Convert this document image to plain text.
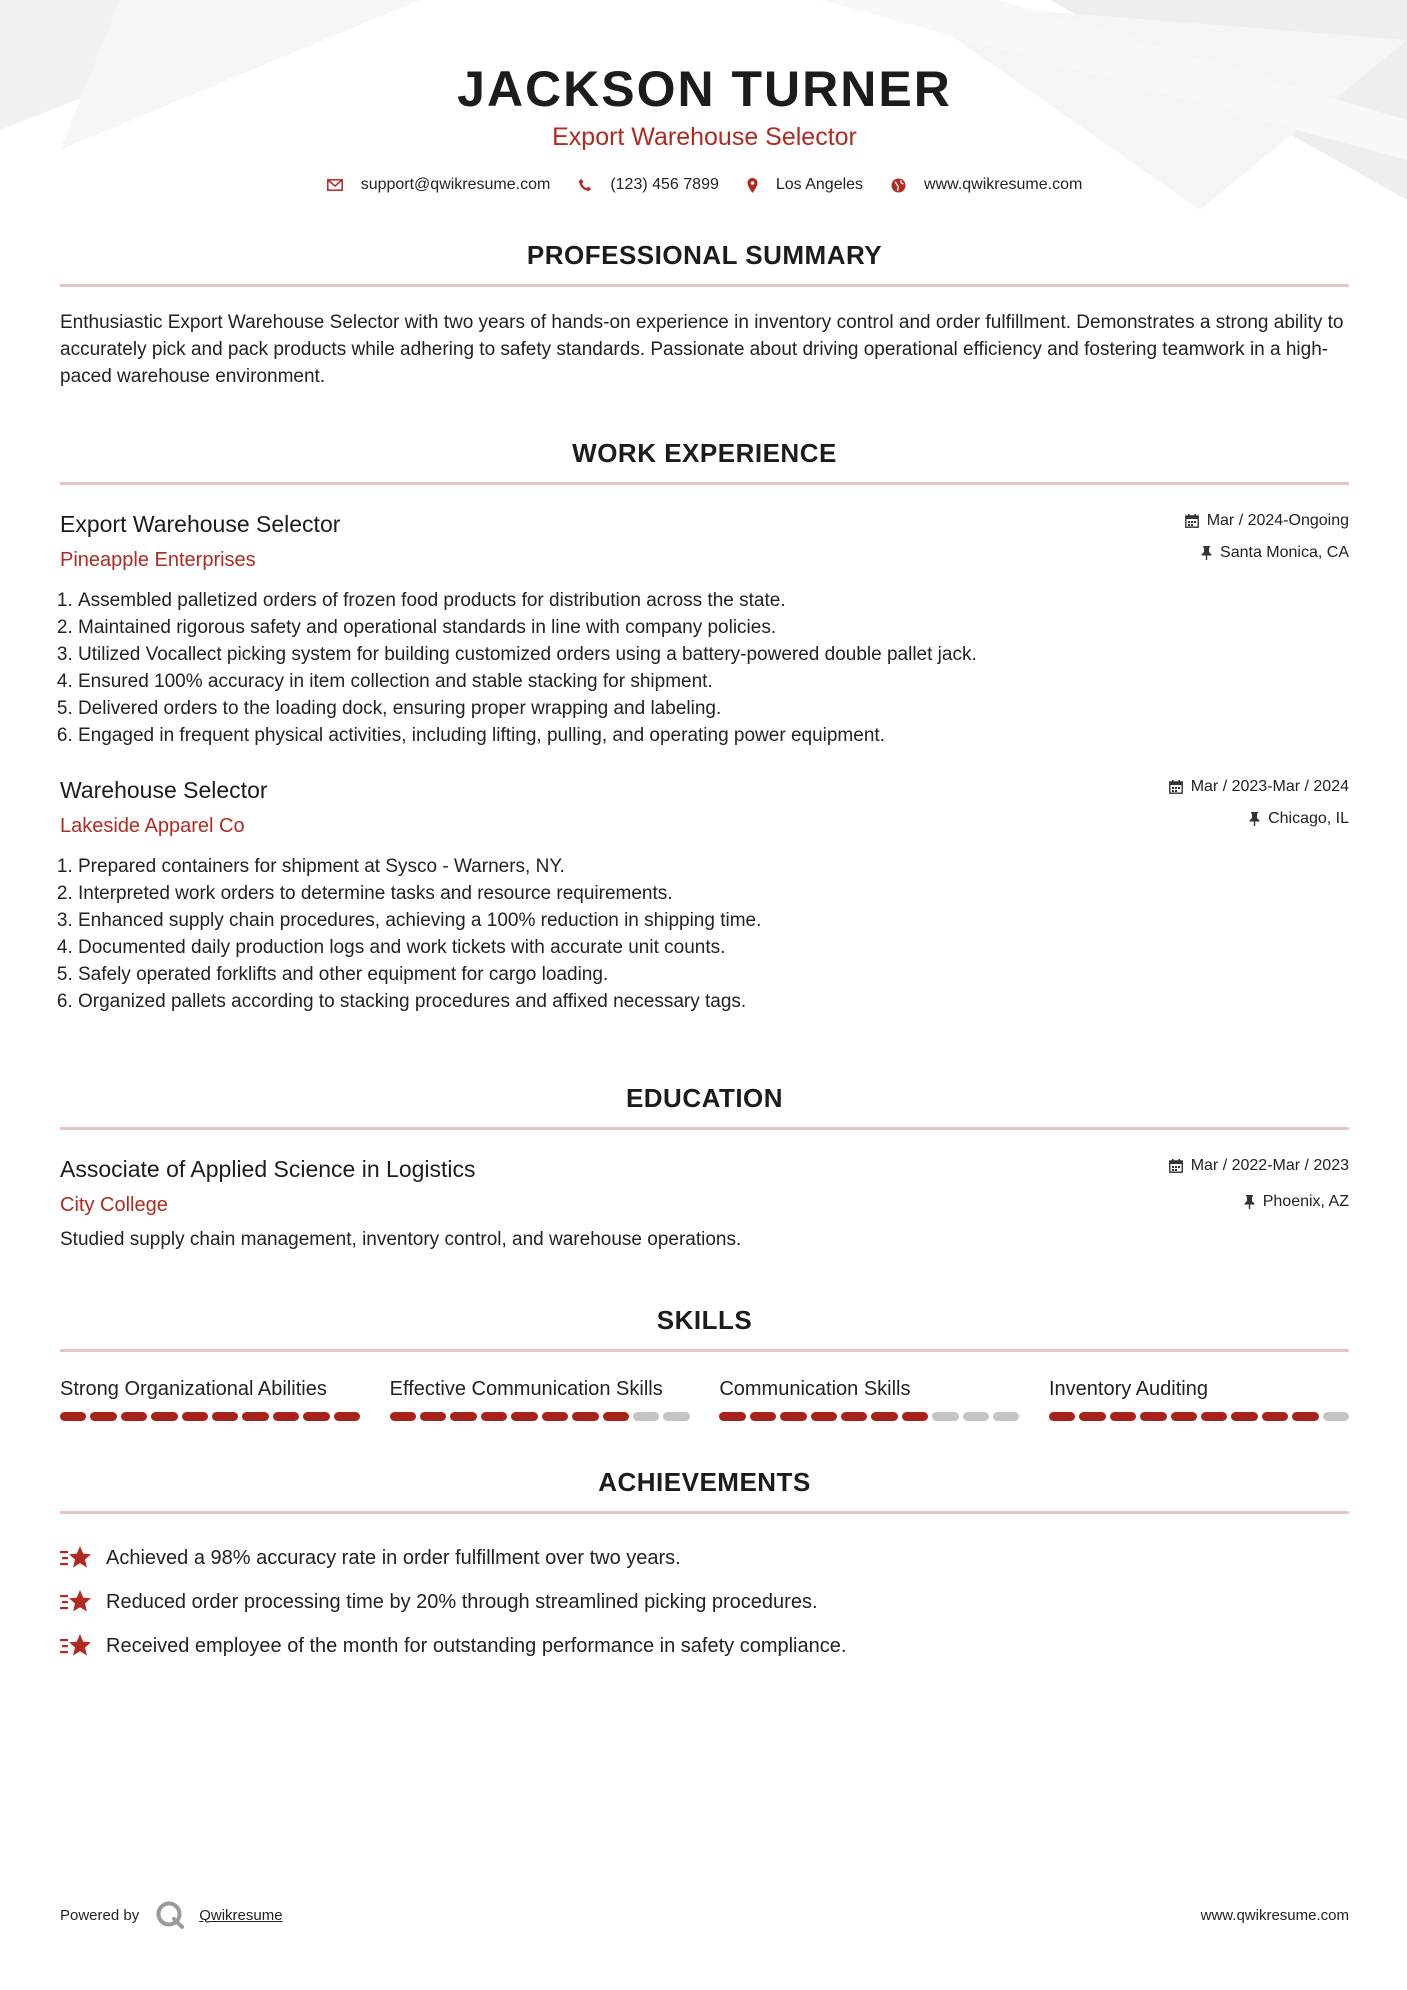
JACKSON TURNER
Export Warehouse Selector
support@qwikresume.com	(123) 456 7899	Los Angeles	www.qwikresume.com
PROFESSIONAL SUMMARY
Enthusiastic Export Warehouse Selector with two years of hands-on experience in inventory control and order fulfillment. Demonstrates a strong ability to accurately pick and pack products while adhering to safety standards. Passionate about driving operational efficiency and fostering teamwork in a high-paced warehouse environment.
WORK EXPERIENCE
Export Warehouse Selector
Pineapple Enterprises
Mar / 2024-Ongoing
Santa Monica, CA
1. Assembled palletized orders of frozen food products for distribution across the state.
2. Maintained rigorous safety and operational standards in line with company policies.
3. Utilized Vocallect picking system for building customized orders using a battery-powered double pallet jack.
4. Ensured 100% accuracy in item collection and stable stacking for shipment.
5. Delivered orders to the loading dock, ensuring proper wrapping and labeling.
6. Engaged in frequent physical activities, including lifting, pulling, and operating power equipment.
Warehouse Selector
Lakeside Apparel Co
Mar / 2023-Mar / 2024
Chicago, IL
1. Prepared containers for shipment at Sysco - Warners, NY.
2. Interpreted work orders to determine tasks and resource requirements.
3. Enhanced supply chain procedures, achieving a 100% reduction in shipping time.
4. Documented daily production logs and work tickets with accurate unit counts.
5. Safely operated forklifts and other equipment for cargo loading.
6. Organized pallets according to stacking procedures and affixed necessary tags.
EDUCATION
Associate of Applied Science in Logistics
City College
Mar / 2022-Mar / 2023
Phoenix, AZ
Studied supply chain management, inventory control, and warehouse operations.
SKILLS
Strong Organizational Abilities	Effective Communication Skills	Communication Skills	Inventory Auditing
ACHIEVEMENTS
Achieved a 98% accuracy rate in order fulfillment over two years.
Reduced order processing time by 20% through streamlined picking procedures.
Received employee of the month for outstanding performance in safety compliance.
Powered by	Qwikresume	www.qwikresume.com
